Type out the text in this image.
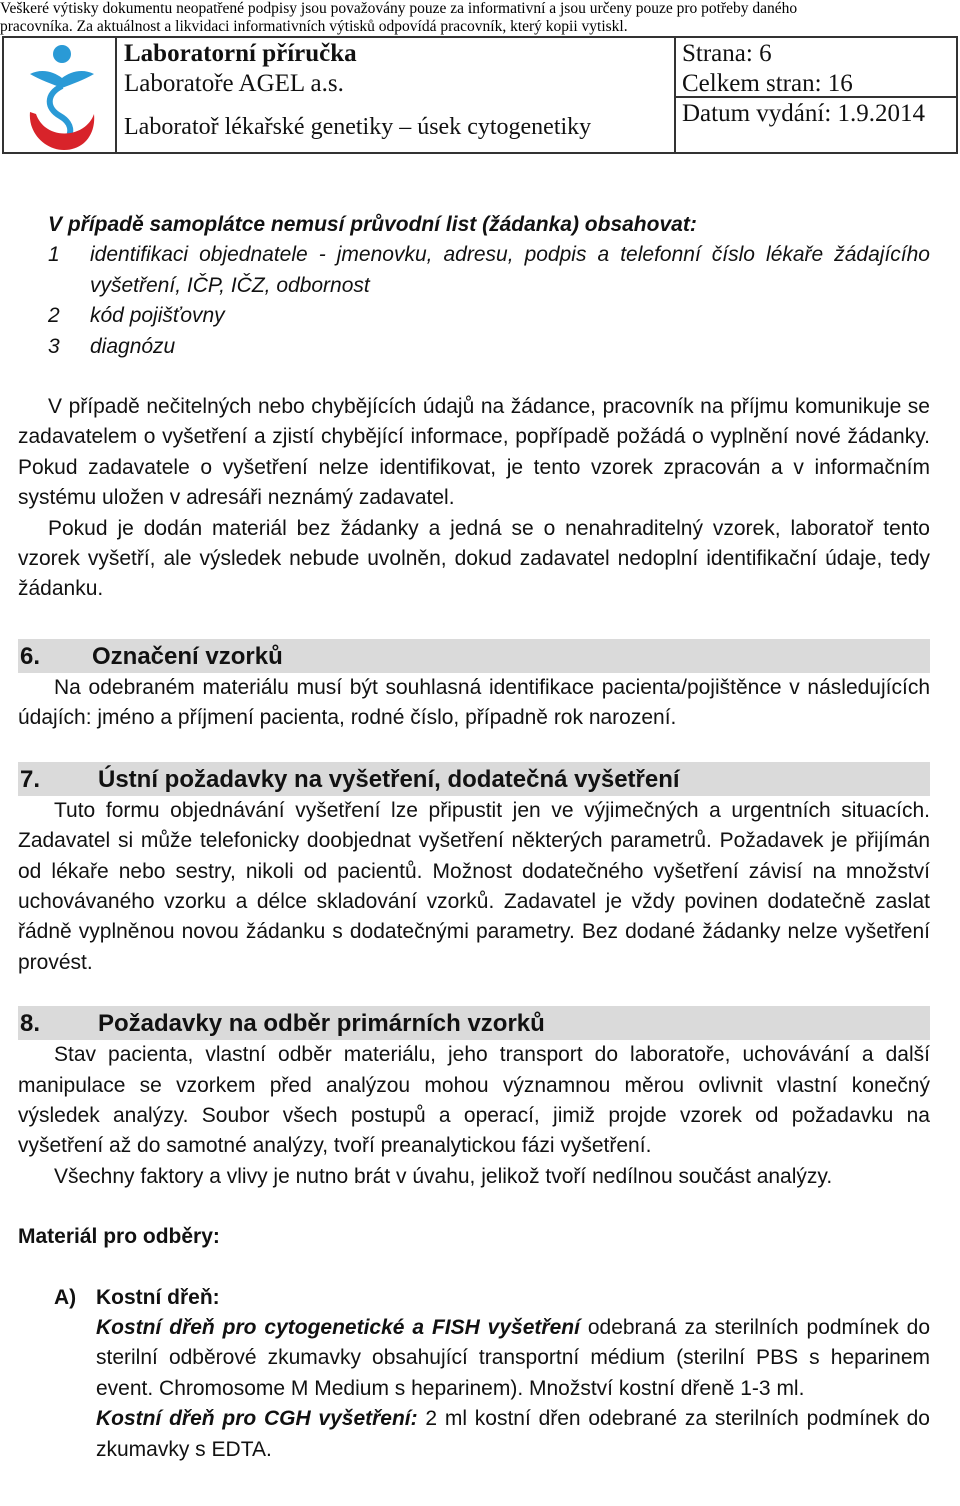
Veškeré výtisky dokumentu neopatřené podpisy jsou považovány pouze za informativní a jsou určeny pouze pro potřeby daného
pracovníka. Za aktuálnost a likvidaci informativních výtisků odpovídá pracovník, který kopii vytiskl.
Laboratorní příručka
Laboratoře AGEL a.s.
Laboratoř lékařské genetiky – úsek cytogenetiky
Strana: 6
Celkem stran: 16
Datum vydání: 1.9.2014

V případě samoplátce nemusí průvodní list (žádanka) obsahovat:

1 identifikaci objednatele - jmenovku, adresu, podpis a telefonní číslo lékaře žádajícího vyšetření, IČP, IČZ, odbornost
2 kód pojišťovny
3 diagnózu

V případě nečitelných nebo chybějících údajů na žádance, pracovník na příjmu komunikuje se zadavatelem o vyšetření a zjistí chybějící informace, popřípadě požádá o vyplnění nové žádanky. Pokud zadavatele o vyšetření nelze identifikovat, je tento vzorek zpracován a v informačním systému uložen v adresáři neznámý zadavatel.

Pokud je dodán materiál bez žádanky a jedná se o nenahraditelný vzorek, laboratoř tento vzorek vyšetří, ale výsledek nebude uvolněn, dokud zadavatel nedoplní identifikační údaje, tedy žádanku.

6. Označení vzorků

Na odebraném materiálu musí být souhlasná identifikace pacienta/pojištěnce v následujících údajích: jméno a příjmení pacienta, rodné číslo, případně rok narození.

7. Ústní požadavky na vyšetření, dodatečná vyšetření

Tuto formu objednávání vyšetření lze připustit jen ve výjimečných a urgentních situacích. Zadavatel si může telefonicky doobjednat vyšetření některých parametrů. Požadavek je přijímán od lékaře nebo sestry, nikoli od pacientů. Možnost dodatečného vyšetření závisí na množství uchovávaného vzorku a délce skladování vzorků. Zadavatel je vždy povinen dodatečně zaslat řádně vyplněnou novou žádanku s dodatečnými parametry. Bez dodané žádanky nelze vyšetření provést.

8. Požadavky na odběr primárních vzorků

Stav pacienta, vlastní odběr materiálu, jeho transport do laboratoře, uchovávání a další manipulace se vzorkem před analýzou mohou významnou měrou ovlivnit vlastní konečný výsledek analýzy. Soubor všech postupů a operací, jimiž projde vzorek od požadavku na vyšetření až do samotné analýzy, tvoří preanalytickou fázi vyšetření.

Všechny faktory a vlivy je nutno brát v úvahu, jelikož tvoří nedílnou součást analýzy.

Materiál pro odběry:

A) Kostní dřeň:

Kostní dřeň pro cytogenetické a FISH vyšetření odebraná za sterilních podmínek do sterilní odběrové zkumavky obsahující transportní médium (sterilní PBS s heparinem event. Chromosome M Medium s heparinem). Množství kostní dřeně 1-3 ml.

Kostní dřeň pro CGH vyšetření: 2 ml kostní dřen odebrané za sterilních podmínek do zkumavky s EDTA.
